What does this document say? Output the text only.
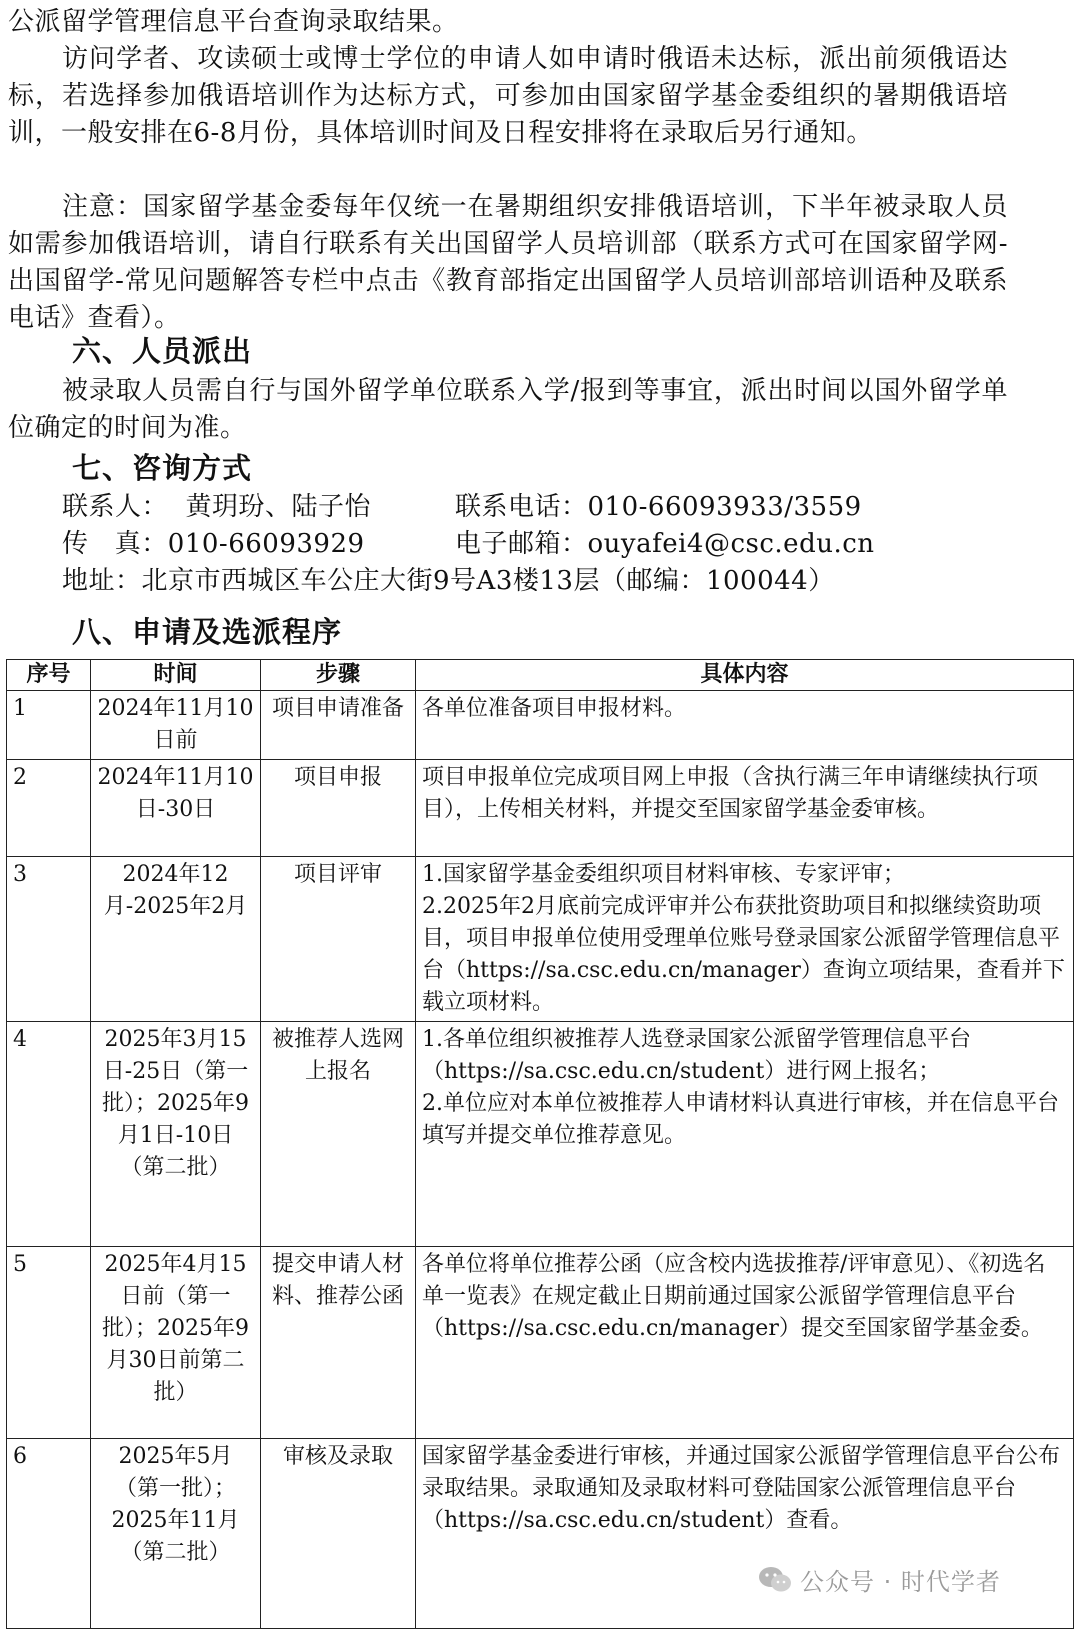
公派留学管理信息平台查询录取结果。

访问学者、攻读硕士或博士学位的申请人如申请时俄语未达标，派出前须俄语达标，若选择参加俄语培训作为达标方式，可参加由国家留学基金委组织的暑期俄语培训，一般安排在6-8月份，具体培训时间及日程安排将在录取后另行通知。

注意：国家留学基金委每年仅统一在暑期组织安排俄语培训，下半年被录取人员如需参加俄语培训，请自行联系有关出国留学人员培训部（联系方式可在国家留学网-出国留学-常见问题解答专栏中点击《教育部指定出国留学人员培训部培训语种及联系电话》查看）。

六、人员派出

被录取人员需自行与国外留学单位联系入学/报到等事宜，派出时间以国外留学单位确定的时间为准。

七、咨询方式
联系人：  黄玥玢、陆子怡	联系电话：010-66093933/3559
传   真：010-66093929	电子邮箱：ouyafei4@csc.edu.cn
地址：北京市西城区车公庄大街9号A3楼13层（邮编：100044）
八、申请及选派程序
序号	时间	步骤	具体内容
1	2024年11月10日前	项目申请准备	各单位准备项目申报材料。

2	2024年11月10日-30日	项目申报	项目申报单位完成项目网上申报（含执行满三年申请继续执行项目），上传相关材料，并提交至国家留学基金委审核。

3	2024年12月-2025年2月	项目评审	1.国家留学基金委组织项目材料审核、专家评审；
2.2025年2月底前完成评审并公布获批资助项目和拟继续资助项目，项目申报单位使用受理单位账号登录国家公派留学管理信息平台（https://sa.csc.edu.cn/manager）查询立项结果，查看并下载立项材料。

4	2025年3月15日-25日（第一批）；2025年9月1日-10日（第二批）	被推荐人选网上报名	1.各单位组织被推荐人选登录国家公派留学管理信息平台（https://sa.csc.edu.cn/student）进行网上报名；
2.单位应对本单位被推荐人申请材料认真进行审核，并在信息平台填写并提交单位推荐意见。

5	2025年4月15日前（第一批）；2025年9月30日前第二批）	提交申请人材料、推荐公函	各单位将单位推荐公函（应含校内选拔推荐/评审意见）、《初选名单一览表》在规定截止日期前通过国家公派留学管理信息平台（https://sa.csc.edu.cn/manager）提交至国家留学基金委。

6	2025年5月（第一批）；2025年11月（第二批）	审核及录取	国家留学基金委进行审核，并通过国家公派留学管理信息平台公布录取结果。录取通知及录取材料可登陆国家公派管理信息平台（https://sa.csc.edu.cn/student）查看。
公众号 · 时代学者
